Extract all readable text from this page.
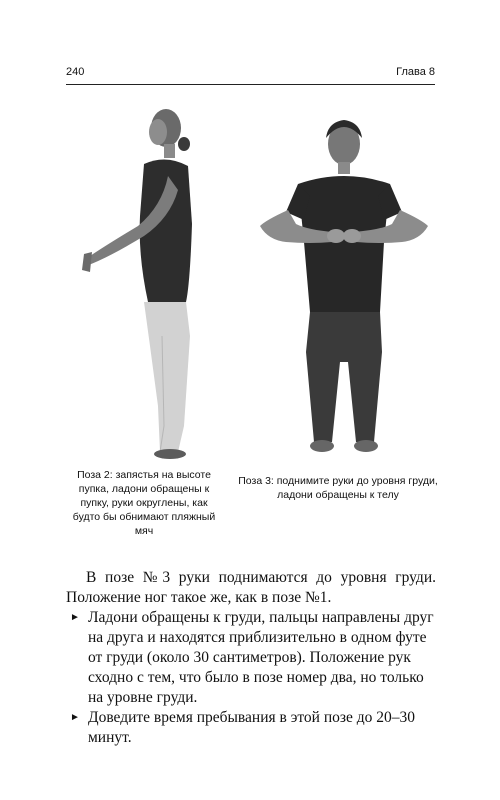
240	Глава 8
Поза 2: запястья на высоте пупка, ладони обращены к пупку, руки округлены, как будто бы обнимают пляжный мяч
Поза 3: поднимите руки до уровня груди, ладони обращены к телу

В позе №3 руки поднимаются до уровня груди. Положение ног такое же, как в позе №1.

► Ладони обращены к груди, пальцы направлены друг на друга и находятся приблизительно в одном футе от груди (около 30 сантиметров). Положение рук сходно с тем, что было в позе номер два, но только на уровне груди.
► Доведите время пребывания в этой позе до 20–30 минут.
